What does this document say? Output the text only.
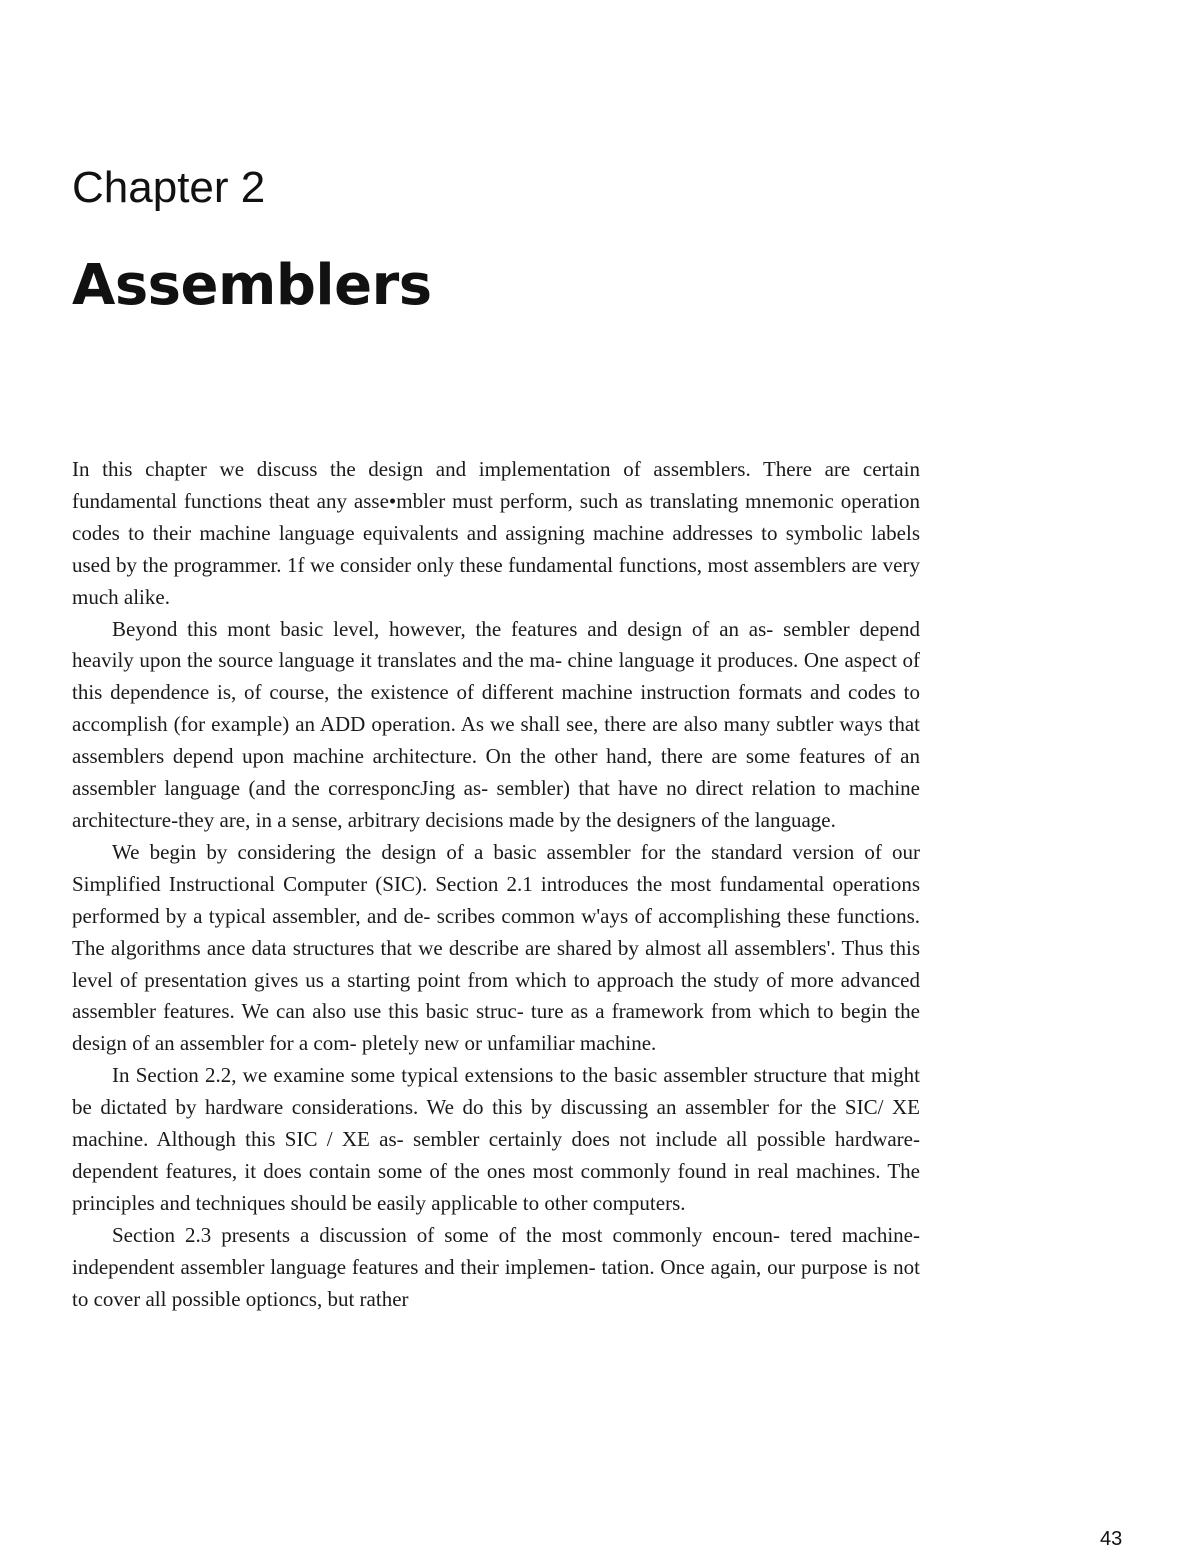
Chapter 2
Assemblers

In this chapter we discuss the design and implementation of assemblers. There are certain fundamental functions theat any asse•mbler must perform, such as translating mnemonic operation codes to their machine language equivalents and assigning machine addresses to symbolic labels used by the programmer. 1f we consider only these fundamental functions, most assemblers are very much alike.

Beyond this mont basic level, however, the features and design of an as- sembler depend heavily upon the source language it translates and the ma- chine language it produces. One aspect of this dependence is, of course, the existence of different machine instruction formats and codes to accomplish (for example) an ADD operation. As we shall see, there are also many subtler ways that assemblers depend upon machine architecture. On the other hand, there are some features of an assembler language (and the corresponcJing as- sembler) that have no direct relation to machine architecture-they are, in a sense, arbitrary decisions made by the designers of the language.

We begin by considering the design of a basic assembler for the standard version of our Simplified Instructional Computer (SIC). Section 2.1 introduces the most fundamental operations performed by a typical assembler, and de- scribes common w'ays of accomplishing these functions. The algorithms ance data structures that we describe are shared by almost all assemblers'. Thus this level of presentation gives us a starting point from which to approach the study of more advanced assembler features. We can also use this basic struc- ture as a framework from which to begin the design of an assembler for a com- pletely new or unfamiliar machine.

In Section 2.2, we examine some typical extensions to the basic assembler structure that might be dictated by hardware considerations. We do this by discussing an assembler for the SIC/ XE machine. Although this SIC / XE as- sembler certainly does not include all possible hardware-dependent features, it does contain some of the ones most commonly found in real machines. The principles and techniques should be easily applicable to other computers.

Section 2.3 presents a discussion of some of the most commonly encoun- tered machine-independent assembler language features and their implemen- tation. Once again, our purpose is not to cover all possible optioncs, but rather

43
